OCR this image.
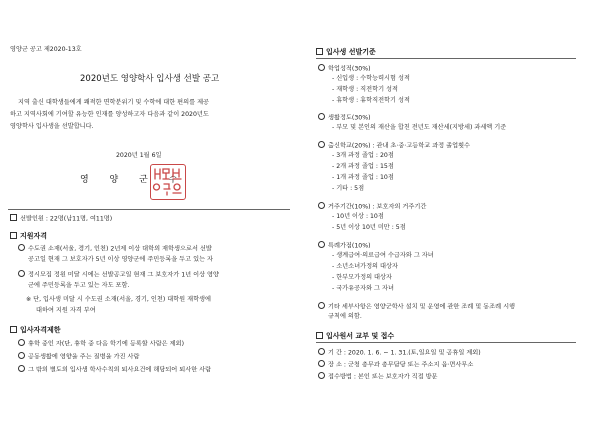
영양군 공고 제2020-13호
2020년도 영양학사 입사생 선발 공고
지역 출신 대학생들에게 쾌적한 면학분위기 및 수학에 대한 편의를 제공
하고 지역사회에 기여할 유능한 인재를 양성하고자 다음과 같이 2020년도
영양학사 입사생을 선발합니다.
2020년 1월 6일
영 양 군 수
선발인원 : 22명(남11명, 여11명)
지원자격
수도권 소재(서울, 경기, 인천) 2년제 이상 대학의 재학생으로서 선발
공고일 현재 그 보호자가 5년 이상 영양군에 주민등록을 두고 있는 자
정시모집 정원 미달 시에는 선발공고일 현재 그 보호자가 1년 이상 영양
군에 주민등록을 두고 있는 자도 포함.
※ 단, 입사생 미달 시 수도권 소재(서울, 경기, 인천) 대학원 재학생에
대하여 지원 자격 부여
입사자격제한
휴학 중인 자(단, 휴학 중 다음 학기에 등록할 사람은 제외)
공동생활에 영향을 주는 질병을 가진 사람
그 밖의 별도의 입사생 학사수칙의 퇴사요건에 해당되어 퇴사한 사람
입사생 선발기준
학업성적(30%)
- 신입생 : 수학능력시험 성적
- 재학생 : 직전학기 성적
- 휴학생 : 휴학직전학기 성적
생활정도(30%)
- 부모 및 본인의 재산을 합친 전년도 재산세(지방세) 과세액 기준
출신학교(20%) : 관내 초·중·고등학교 과정 졸업횟수
- 3개 과정 졸업 : 20점
- 2개 과정 졸업 : 15점
- 1개 과정 졸업 : 10점
- 기타 : 5점
거주기간(10%) : 보호자의 거주기간
- 10년 이상 : 10점
- 5년 이상 10년 미만 : 5점
특례가점(10%)
- 생계급여·의료급여 수급자와 그 자녀
- 소년소녀가정의 대상자
- 한부모가정의 대상자
- 국가유공자와 그 자녀
기타 세부사항은 영양군학사 설치 및 운영에 관한 조례 및 동조례 시행
규칙에 의함.
입사원서 교부 및 접수
기 간 : 2020. 1. 6. ~ 1. 31.(토,일요일 및 공휴일 제외)
장 소 : 군청 총무과 총무담당 또는 주소지 읍·면사무소
접수방법 : 본인 또는 보호자가 직접 방문
